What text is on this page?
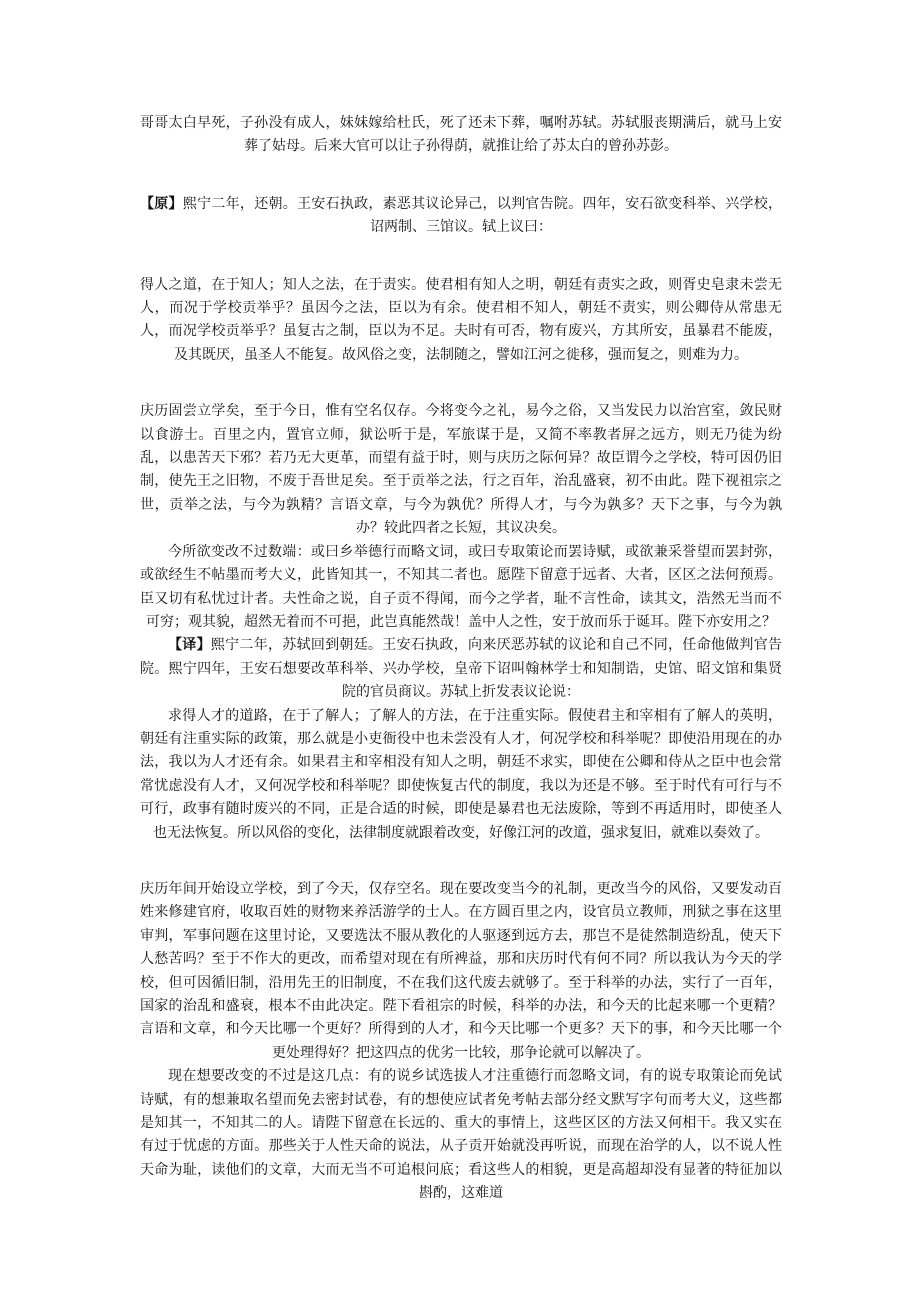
哥哥太白早死，子孙没有成人，妹妹嫁给杜氏，死了还未下葬，嘱咐苏轼。苏轼服丧期满后，就马上安葬了姑母。后来大官可以让子孙得荫，就推让给了苏太白的曾孙苏彭。

【原】熙宁二年，还朝。王安石执政，素恶其议论异己，以判官告院。四年，安石欲变科举、兴学校，诏两制、三馆议。轼上议曰：

得人之道，在于知人；知人之法，在于责实。使君相有知人之明，朝廷有责实之政，则胥史皂隶未尝无人，而况于学校贡举乎？虽因今之法，臣以为有余。使君相不知人，朝廷不责实，则公卿侍从常患无人，而况学校贡举乎？虽复古之制，臣以为不足。夫时有可否，物有废兴，方其所安，虽暴君不能废，及其既厌，虽圣人不能复。故风俗之变，法制随之，譬如江河之徙移，强而复之，则难为力。

庆历固尝立学矣，至于今日，惟有空名仅存。今将变今之礼，易今之俗，又当发民力以治宫室，敛民财以食游士。百里之内，置官立师，狱讼听于是，军旅谋于是，又简不率教者屏之远方，则无乃徒为纷乱，以患苦天下邪？若乃无大更革，而望有益于时，则与庆历之际何异？故臣谓今之学校，特可因仍旧制，使先王之旧物，不废于吾世足矣。至于贡举之法，行之百年，治乱盛衰，初不由此。陛下视祖宗之世，贡举之法，与今为孰精？言语文章，与今为孰优？所得人才，与今为孰多？天下之事，与今为孰办？较此四者之长短，其议决矣。

今所欲变改不过数端：或曰乡举德行而略文词，或曰专取策论而罢诗赋，或欲兼采誉望而罢封弥，或欲经生不帖墨而考大义，此皆知其一，不知其二者也。愿陛下留意于远者、大者，区区之法何预焉。臣又切有私忧过计者。夫性命之说，自子贡不得闻，而今之学者，耻不言性命，读其文，浩然无当而不可穷；观其貌，超然无着而不可挹，此岂真能然哉！盖中人之性，安于放而乐于诞耳。陛下亦安用之？

【译】熙宁二年，苏轼回到朝廷。王安石执政，向来厌恶苏轼的议论和自己不同，任命他做判官告院。熙宁四年，王安石想要改革科举、兴办学校，皇帝下诏叫翰林学士和知制诰，史馆、昭文馆和集贤院的官员商议。苏轼上折发表议论说：

求得人才的道路，在于了解人；了解人的方法，在于注重实际。假使君主和宰相有了解人的英明，朝廷有注重实际的政策，那么就是小吏衙役中也未尝没有人才，何况学校和科举呢？即使沿用现在的办法，我以为人才还有余。如果君主和宰相没有知人之明，朝廷不求实，即使在公卿和侍从之臣中也会常常忧虑没有人才，又何况学校和科举呢？即使恢复古代的制度，我以为还是不够。至于时代有可行与不可行，政事有随时废兴的不同，正是合适的时候，即使是暴君也无法废除，等到不再适用时，即使圣人也无法恢复。所以风俗的变化，法律制度就跟着改变，好像江河的改道，强求复旧，就难以奏效了。

庆历年间开始设立学校，到了今天，仅存空名。现在要改变当今的礼制，更改当今的风俗，又要发动百姓来修建官府，收取百姓的财物来养活游学的士人。在方圆百里之内，设官员立教师，刑狱之事在这里审判，军事问题在这里讨论，又要选汰不服从教化的人驱逐到远方去，那岂不是徒然制造纷乱，使天下人愁苦吗？至于不作大的更改，而希望对现在有所裨益，那和庆历时代有何不同？所以我认为今天的学校，但可因循旧制，沿用先王的旧制度，不在我们这代废去就够了。至于科举的办法，实行了一百年，国家的治乱和盛衰，根本不由此决定。陛下看祖宗的时候，科举的办法，和今天的比起来哪一个更精？言语和文章，和今天比哪一个更好？所得到的人才，和今天比哪一个更多？天下的事，和今天比哪一个更处理得好？把这四点的优劣一比较，那争论就可以解决了。

现在想要改变的不过是这几点：有的说乡试选拔人才注重德行而忽略文词，有的说专取策论而免试诗赋，有的想兼取名望而免去密封试卷，有的想使应试者免考帖去部分经文默写字句而考大义，这些都是知其一，不知其二的人。请陛下留意在长远的、重大的事情上，这些区区的方法又何相干。我又实在有过于忧虑的方面。那些关于人性天命的说法，从子贡开始就没再听说，而现在治学的人，以不说人性天命为耻，读他们的文章，大而无当不可追根问底；看这些人的相貌，更是高超却没有显著的特征加以斟酌，这难道
